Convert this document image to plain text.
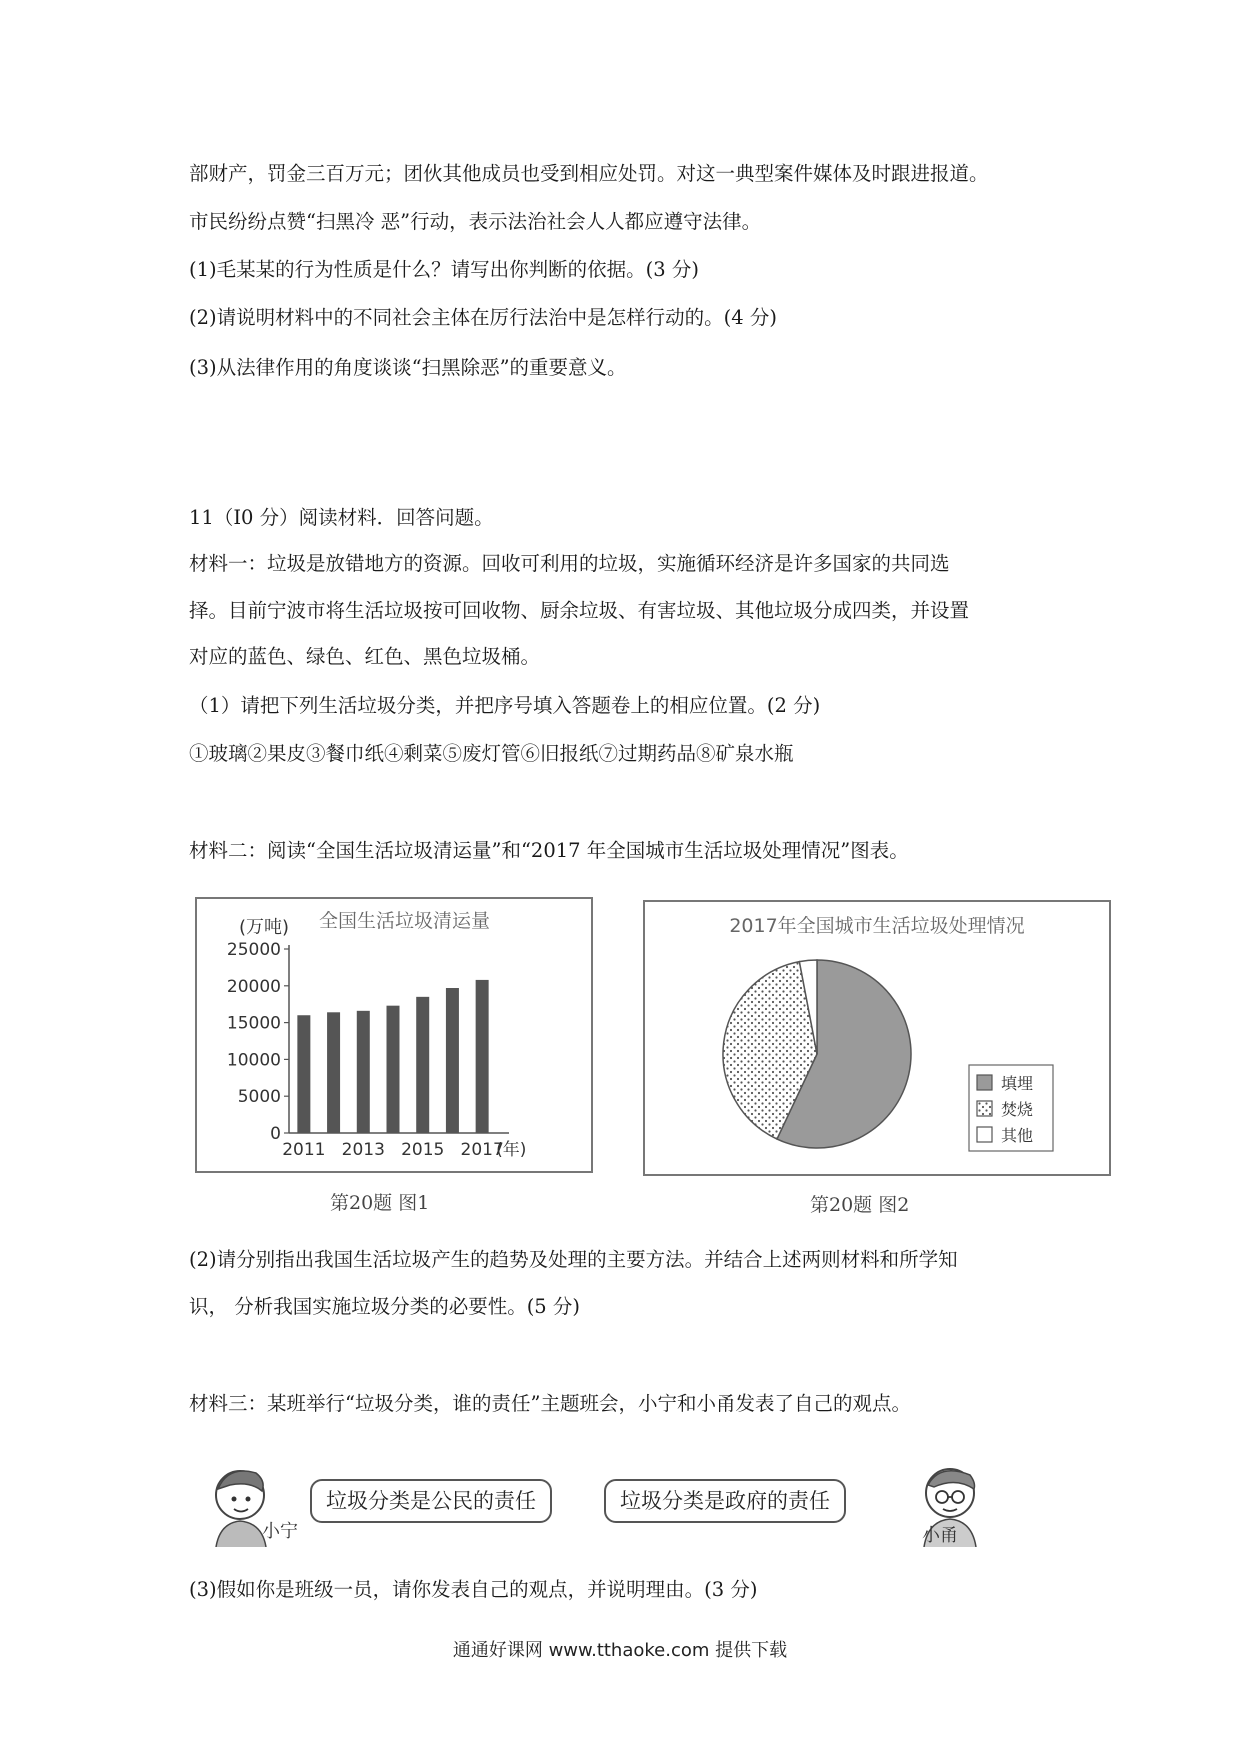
部财产，罚金三百万元；团伙其他成员也受到相应处罚。对这一典型案件媒体及时跟进报道。
市民纷纷点赞“扫黑冷 恶”行动，表示法治社会人人都应遵守法律。
(1)毛某某的行为性质是什么？请写出你判断的依据。(3 分)
(2)请说明材料中的不同社会主体在厉行法治中是怎样行动的。(4 分)
(3)从法律作用的角度谈谈“扫黑除恶”的重要意义。
11（I0 分）阅读材料．回答问题。
材料一：垃圾是放错地方的资源。回收可利用的垃圾，实施循环经济是许多国家的共同选
择。目前宁波市将生活垃圾按可回收物、厨余垃圾、有害垃圾、其他垃圾分成四类，并设置
对应的蓝色、绿色、红色、黑色垃圾桶。
（1）请把下列生活垃圾分类，并把序号填入答题卷上的相应位置。(2 分)
①玻璃②果皮③餐巾纸④剩菜⑤废灯管⑥旧报纸⑦过期药品⑧矿泉水瓶
材料二：阅读“全国生活垃圾清运量”和“2017 年全国城市生活垃圾处理情况”图表。
(万吨) 全国生活垃圾清运量
25000
20000
15000
10000
5000
0
2011 2013 2015 2017
(年)
第20题 图1
2017年全国城市生活垃圾处理情况
填埋
焚烧
其他
第20题 图2
(2)请分别指出我国生活垃圾产生的趋势及处理的主要方法。并结合上述两则材料和所学知
识， 分析我国实施垃圾分类的必要性。(5 分)
材料三：某班举行“垃圾分类，谁的责任”主题班会，小宁和小甬发表了自己的观点。
小宁
垃圾分类是公民的责任	垃圾分类是政府的责任
小甬
(3)假如你是班级一员，请你发表自己的观点，并说明理由。(3 分)
通通好课网 www.tthaoke.com 提供下载
